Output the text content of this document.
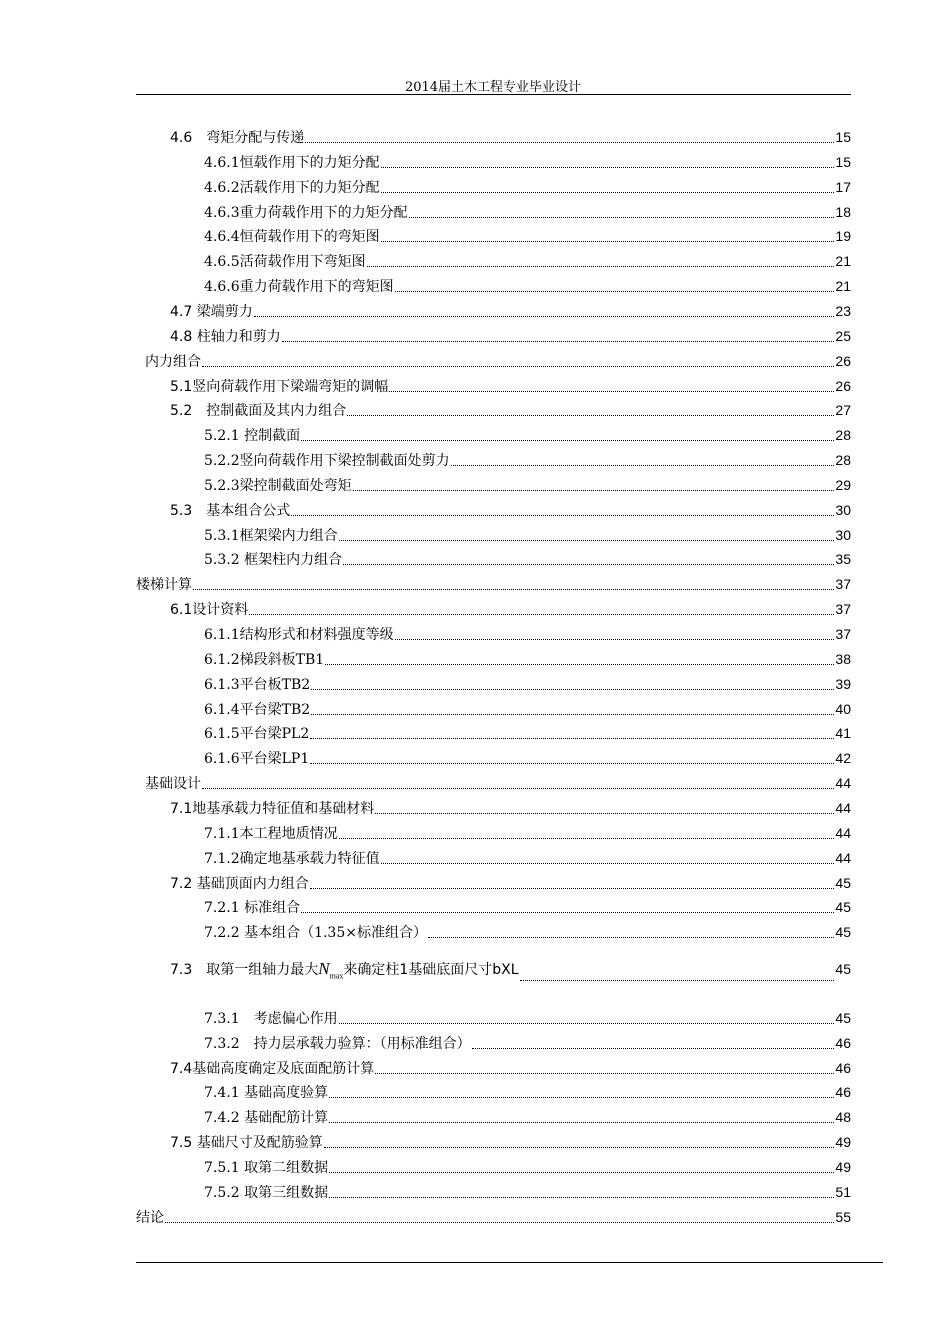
2014届土木工程专业毕业设计
4.6　弯矩分配与传递	15
4.6.1恒载作用下的力矩分配	15
4.6.2活载作用下的力矩分配	17
4.6.3重力荷载作用下的力矩分配	18
4.6.4恒荷载作用下的弯矩图	19
4.6.5活荷载作用下弯矩图	21
4.6.6重力荷载作用下的弯矩图	21
4.7 梁端剪力	23
4.8 柱轴力和剪力	25
内力组合	26
5.1竖向荷载作用下梁端弯矩的调幅	26
5.2　控制截面及其内力组合	27
5.2.1 控制截面	28
5.2.2竖向荷载作用下梁控制截面处剪力	28
5.2.3梁控制截面处弯矩	29
5.3　基本组合公式	30
5.3.1框架梁内力组合	30
5.3.2 框架柱内力组合	35
楼梯计算	37
6.1设计资料	37
6.1.1结构形式和材料强度等级	37
6.1.2梯段斜板TB1	38
6.1.3平台板TB2	39
6.1.4平台梁TB2	40
6.1.5平台梁PL2	41
6.1.6平台梁LP1	42
基础设计	44
7.1地基承载力特征值和基础材料	44
7.1.1本工程地质情况	44
7.1.2确定地基承载力特征值	44
7.2 基础顶面内力组合	45
7.2.1 标准组合	45
7.2.2 基本组合（1.35×标准组合）	45
7.3　取第一组轴力最大 $N_{max}$ 来确定柱1基础底面尺寸bXL	45
7.3.1　考虑偏心作用	45
7.3.2　持力层承载力验算：（用标准组合）	46
7.4基础高度确定及底面配筋计算	46
7.4.1 基础高度验算	46
7.4.2 基础配筋计算	48
7.5 基础尺寸及配筋验算	49
7.5.1 取第二组数据	49
7.5.2 取第三组数据	51
结论	55
